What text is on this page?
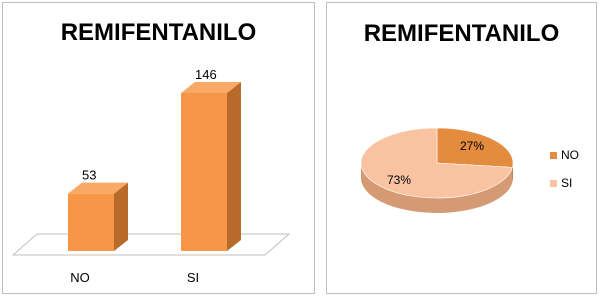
REMIFENTANILO
53
NO
146
SI
REMIFENTANILO
27%
73%
NO
SI
